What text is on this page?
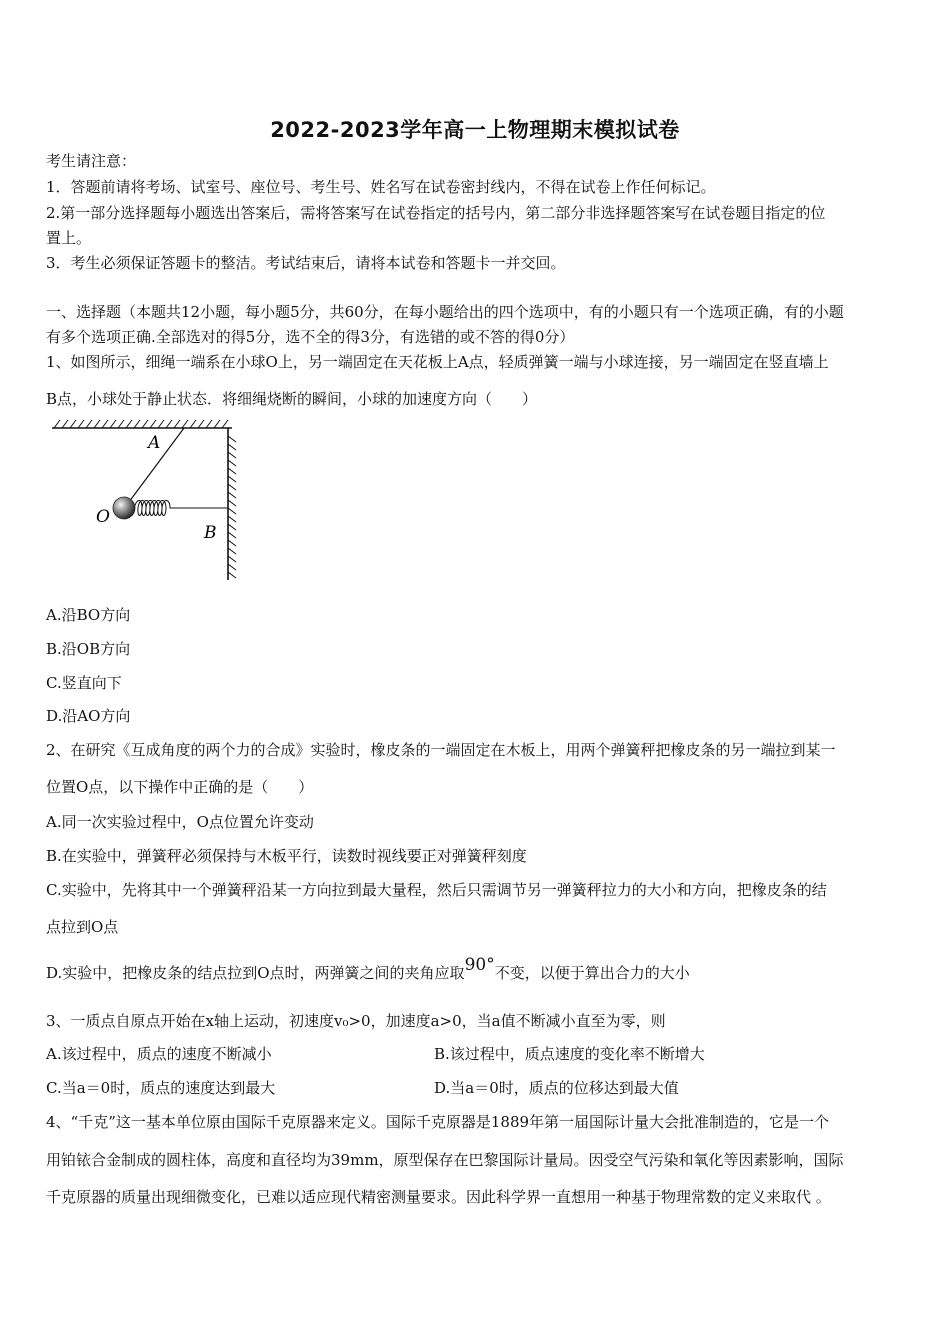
2022-2023学年高一上物理期末模拟试卷
考生请注意：
1．答题前请将考场、试室号、座位号、考生号、姓名写在试卷密封线内，不得在试卷上作任何标记。
2.第一部分选择题每小题选出答案后，需将答案写在试卷指定的括号内，第二部分非选择题答案写在试卷题目指定的位
置上。
3．考生必须保证答题卡的整洁。考试结束后，请将本试卷和答题卡一并交回。
一、选择题（本题共12小题，每小题5分，共60分，在每小题给出的四个选项中，有的小题只有一个选项正确，有的小题
有多个选项正确.全部选对的得5分，选不全的得3分，有选错的或不答的得0分）
1、如图所示，细绳一端系在小球O上，另一端固定在天花板上A点，轻质弹簧一端与小球连接，另一端固定在竖直墙上
B点，小球处于静止状态．将细绳烧断的瞬间，小球的加速度方向（　　）
A
O
B
A.沿BO方向
B.沿OB方向
C.竖直向下
D.沿AO方向
2、在研究《互成角度的两个力的合成》实验时，橡皮条的一端固定在木板上，用两个弹簧秤把橡皮条的另一端拉到某一
位置O点，以下操作中正确的是（　　）
A.同一次实验过程中，O点位置允许变动
B.在实验中，弹簧秤必须保持与木板平行，读数时视线要正对弹簧秤刻度
C.实验中，先将其中一个弹簧秤沿某一方向拉到最大量程，然后只需调节另一弹簧秤拉力的大小和方向，把橡皮条的结
点拉到O点
D.实验中，把橡皮条的结点拉到O点时，两弹簧之间的夹角应取90°不变，以便于算出合力的大小
3、一质点自原点开始在x轴上运动，初速度v₀>0，加速度a>0，当a值不断减小直至为零，则
A.该过程中，质点的速度不断减小	B.该过程中，质点速度的变化率不断增大
C.当a＝0时，质点的速度达到最大	D.当a＝0时，质点的位移达到最大值
4、“千克”这一基本单位原由国际千克原器来定义。国际千克原器是1889年第一届国际计量大会批准制造的，它是一个
用铂铱合金制成的圆柱体，高度和直径均为39mm，原型保存在巴黎国际计量局。因受空气污染和氧化等因素影响，国际
千克原器的质量出现细微变化，已难以适应现代精密测量要求。因此科学界一直想用一种基于物理常数的定义来取代 。
